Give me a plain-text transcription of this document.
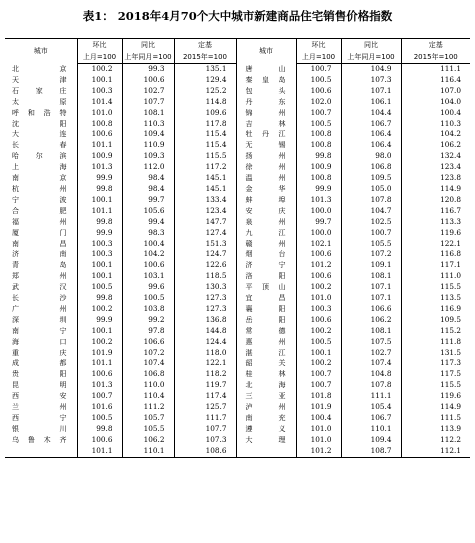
表1： 2018年4月70个大中城市新建商品住宅销售价格指数
城市	环比	同比	定基	城市	环比	同比	定基
	上月=100	上年同月=100	2015年=100		上月=100	上年同月=100	2015年=100
北　京	100.2	99.3	135.1	唐　山	100.7	104.9	111.1
天　津	100.1	100.6	129.4	秦皇岛	100.5	107.3	116.4
石家庄	100.3	102.7	125.2	包　头	100.6	107.1	107.0
太　原	101.4	107.7	114.8	丹　东	102.0	106.1	104.0
呼和浩特	101.0	108.1	109.6	锦　州	100.7	104.4	100.4
沈　阳	100.8	110.3	117.8	吉　林	100.5	106.7	110.3
大　连	100.6	109.4	115.4	牡丹江	100.8	106.4	104.2
长　春	101.1	110.9	115.4	无　锡	100.8	106.4	106.2
哈尔滨	100.9	109.3	115.5	扬　州	99.8	98.0	132.4
上　海	101.3	112.0	117.2	徐　州	100.9	106.8	123.4
南　京	99.9	98.4	145.1	温　州	100.8	109.5	123.8
杭　州	99.8	98.4	145.1	金　华	99.9	105.0	114.9
宁　波	100.1	99.7	133.4	蚌　埠	101.3	107.8	120.8
合　肥	101.1	105.6	123.4	安　庆	100.0	104.7	116.7
福　州	99.8	99.4	147.7	泉　州	99.7	102.5	113.3
厦　门	99.9	98.3	127.4	九　江	100.0	100.7	119.6
南　昌	100.3	100.4	151.3	赣　州	102.1	105.5	122.1
济　南	100.3	104.2	124.7	烟　台	100.6	107.2	116.8
青　岛	100.1	100.6	122.6	济　宁	101.2	109.1	117.1
郑　州	100.1	103.1	118.5	洛　阳	100.6	108.1	111.0
武　汉	100.5	99.6	130.3	平顶山	100.2	107.1	115.5
长　沙	99.8	100.5	127.3	宜　昌	101.0	107.1	113.5
广　州	100.2	103.8	127.3	襄　阳	100.3	106.6	116.9
深　圳	99.9	99.2	136.8	岳　阳	100.6	106.2	109.5
南　宁	100.1	97.8	144.8	常　德	100.2	108.1	115.2
海　口	100.2	106.6	124.4	惠　州	100.5	107.5	111.8
重　庆	101.9	107.2	118.0	湛　江	100.1	102.7	131.5
成　都	101.1	107.4	122.1	韶　关	100.2	107.4	117.3
贵　阳	100.6	106.8	118.2	桂　林	100.7	104.8	117.5
昆　明	101.3	110.0	119.7	北　海	100.7	107.8	115.5
西　安	100.7	110.4	117.4	三　亚	101.8	111.1	119.6
兰　州	101.6	111.2	125.7	泸　州	101.9	105.4	114.9
西　宁	100.5	105.7	111.7	南　充	100.4	106.7	111.5
银　川	99.8	105.5	107.7	遵　义	101.0	110.1	113.9
乌鲁木齐	100.6	106.2	107.3	大　理	101.0	109.4	112.2
	101.1	110.1	108.6		101.2	108.7	112.1
